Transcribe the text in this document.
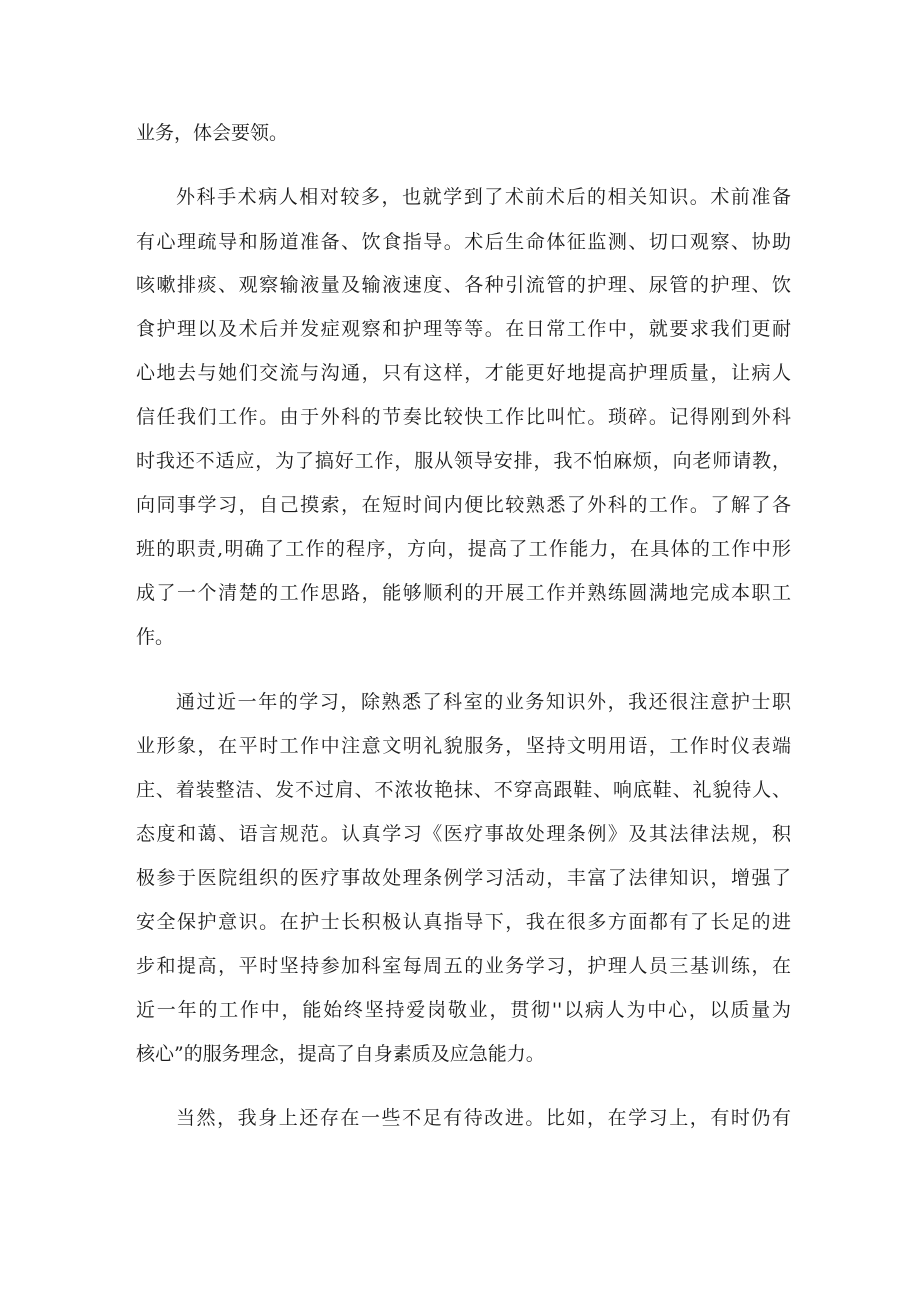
业务，体会要领。
外科手术病人相对较多，也就学到了术前术后的相关知识。术前准备
有心理疏导和肠道准备、饮食指导。术后生命体征监测、切口观察、协助
咳嗽排痰、观察输液量及输液速度、各种引流管的护理、尿管的护理、饮
食护理以及术后并发症观察和护理等等。在日常工作中，就要求我们更耐
心地去与她们交流与沟通，只有这样，才能更好地提高护理质量，让病人
信任我们工作。由于外科的节奏比较快工作比叫忙。琐碎。记得刚到外科
时我还不适应，为了搞好工作，服从领导安排，我不怕麻烦，向老师请教，
向同事学习，自己摸索，在短时间内便比较熟悉了外科的工作。了解了各
班的职责,明确了工作的程序，方向，提高了工作能力，在具体的工作中形
成了一个清楚的工作思路，能够顺利的开展工作并熟练圆满地完成本职工
作。
通过近一年的学习，除熟悉了科室的业务知识外，我还很注意护士职
业形象，在平时工作中注意文明礼貌服务，坚持文明用语，工作时仪表端
庄、着装整洁、发不过肩、不浓妆艳抹、不穿高跟鞋、响底鞋、礼貌待人、
态度和蔼、语言规范。认真学习《医疗事故处理条例》及其法律法规，积
极参于医院组织的医疗事故处理条例学习活动，丰富了法律知识，增强了
安全保护意识。在护士长积极认真指导下，我在很多方面都有了长足的进
步和提高，平时坚持参加科室每周五的业务学习，护理人员三基训练，在
近一年的工作中，能始终坚持爱岗敬业，贯彻''以病人为中心，以质量为
核心”的服务理念，提高了自身素质及应急能力。
当然，我身上还存在一些不足有待改进。比如，在学习上，有时仍有
